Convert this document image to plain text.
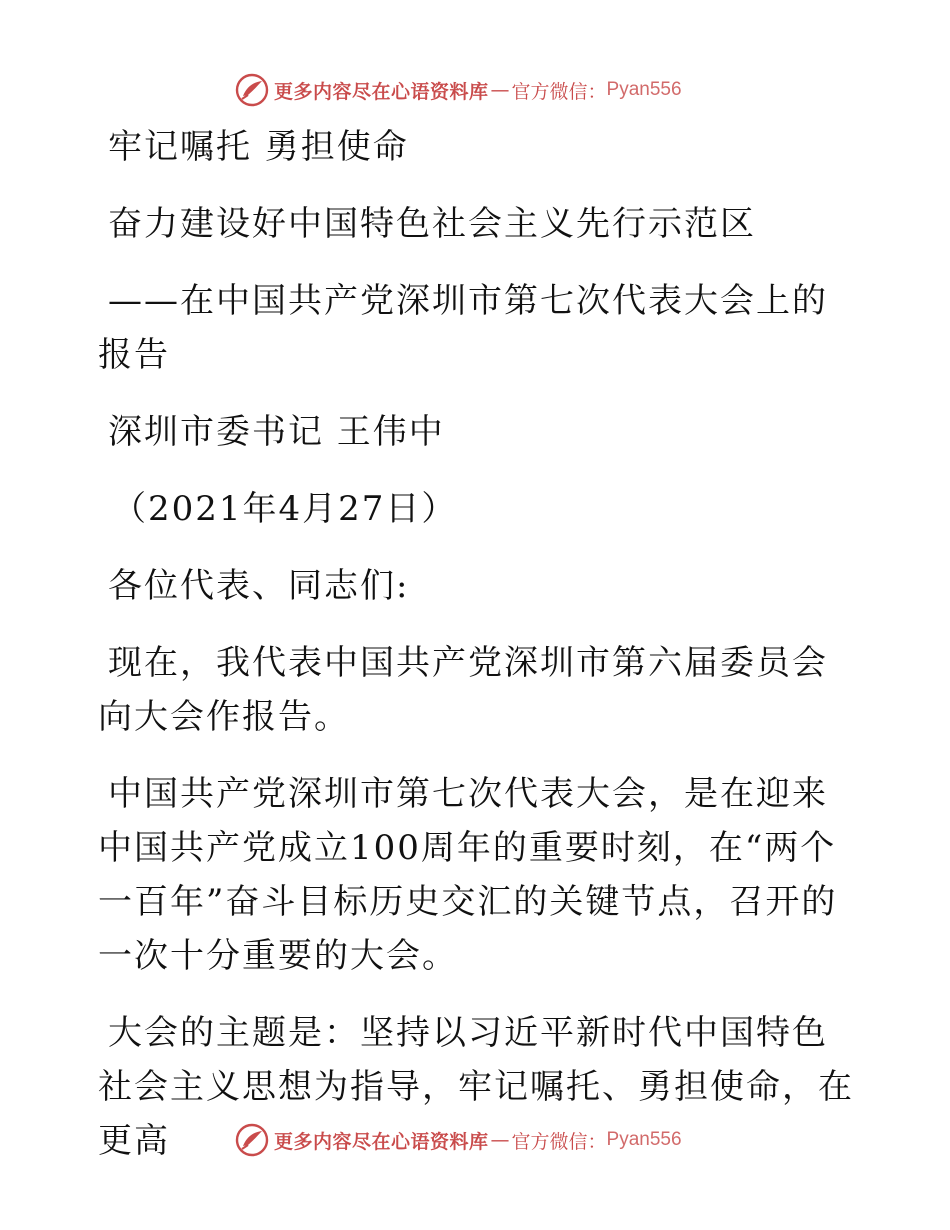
更多内容尽在心语资料库 — 官方微信： Pyan556

牢记嘱托 勇担使命

奋力建设好中国特色社会主义先行示范区

——在中国共产党深圳市第七次代表大会上的报告

深圳市委书记 王伟中

（2021年4月27日）

各位代表、同志们:

现在，我代表中国共产党深圳市第六届委员会向大会作报告。

中国共产党深圳市第七次代表大会，是在迎来中国共产党成立100周年的重要时刻，在“两个一百年”奋斗目标历史交汇的关键节点，召开的一次十分重要的大会。

大会的主题是：坚持以习近平新时代中国特色社会主义思想为指导，牢记嘱托、勇担使命，在更高	更多内容尽在心语资料库 — 官方微信： Pyan556
